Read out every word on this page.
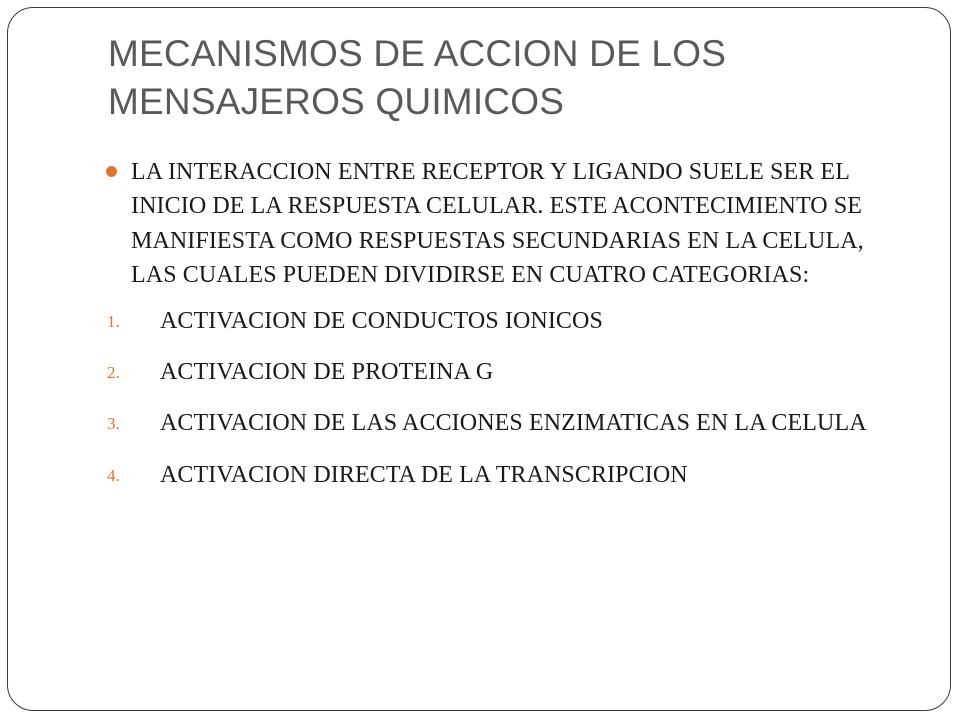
MECANISMOS DE ACCION DE LOS MENSAJEROS QUIMICOS

LA INTERACCION ENTRE RECEPTOR Y LIGANDO SUELE SER EL INICIO DE LA RESPUESTA CELULAR. ESTE ACONTECIMIENTO SE MANIFIESTA COMO RESPUESTAS SECUNDARIAS EN LA CELULA, LAS CUALES PUEDEN DIVIDIRSE EN CUATRO CATEGORIAS:

1. ACTIVACION DE CONDUCTOS IONICOS
2. ACTIVACION DE PROTEINA G
3. ACTIVACION DE LAS ACCIONES ENZIMATICAS EN LA CELULA
4. ACTIVACION DIRECTA DE LA TRANSCRIPCION
